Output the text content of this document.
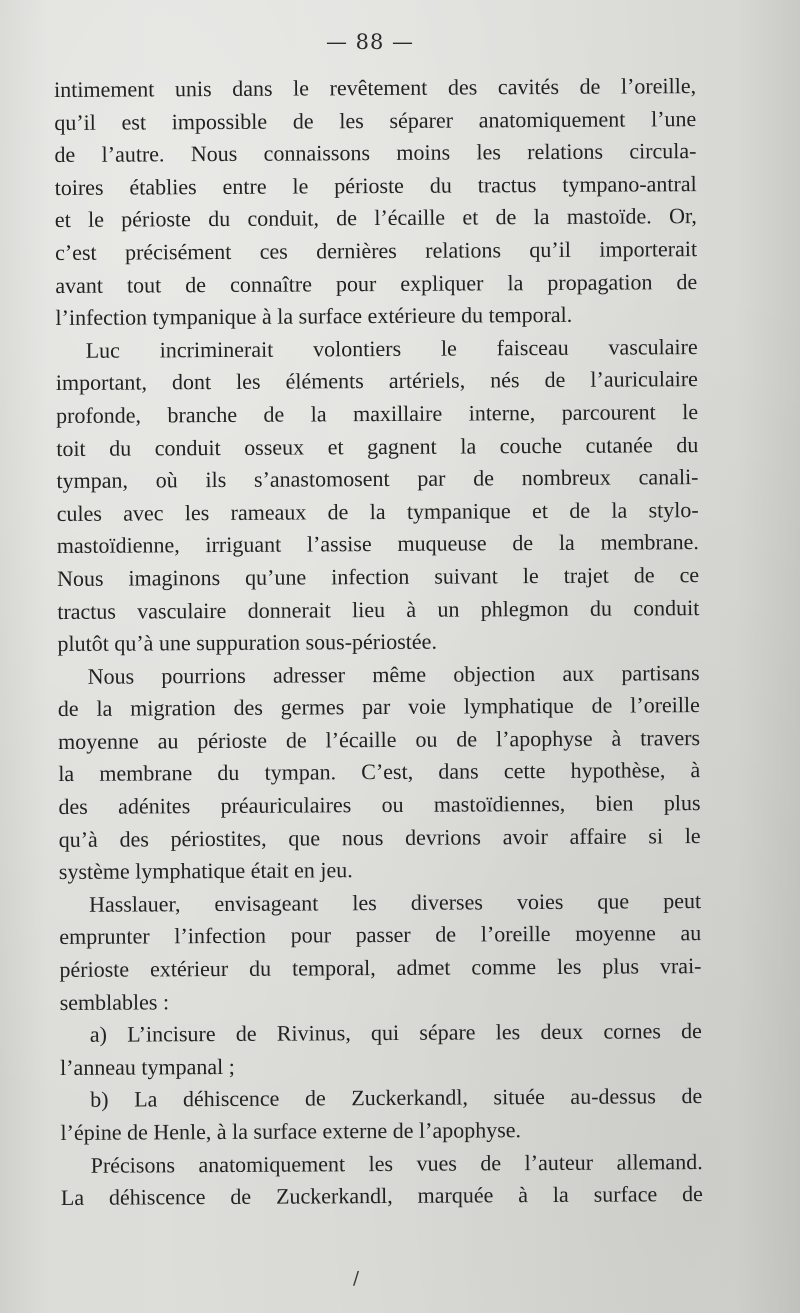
— 88 —
intimement unis dans le revêtement des cavités de l’oreille,
qu’il est impossible de les séparer anatomiquement l’une
de l’autre. Nous connaissons moins les relations circula-
toires établies entre le périoste du tractus tympano-antral
et le périoste du conduit, de l’écaille et de la mastoïde. Or,
c’est précisément ces dernières relations qu’il importerait
avant tout de connaître pour expliquer la propagation de
l’infection tympanique à la surface extérieure du temporal.
Luc incriminerait volontiers le faisceau vasculaire
important, dont les éléments artériels, nés de l’auriculaire
profonde, branche de la maxillaire interne, parcourent le
toit du conduit osseux et gagnent la couche cutanée du
tympan, où ils s’anastomosent par de nombreux canali-
cules avec les rameaux de la tympanique et de la stylo-
mastoïdienne, irriguant l’assise muqueuse de la membrane.
Nous imaginons qu’une infection suivant le trajet de ce
tractus vasculaire donnerait lieu à un phlegmon du conduit
plutôt qu’à une suppuration sous-périostée.
Nous pourrions adresser même objection aux partisans
de la migration des germes par voie lymphatique de l’oreille
moyenne au périoste de l’écaille ou de l’apophyse à travers
la membrane du tympan. C’est, dans cette hypothèse, à
des adénites préauriculaires ou mastoïdiennes, bien plus
qu’à des périostites, que nous devrions avoir affaire si le
système lymphatique était en jeu.
Hasslauer, envisageant les diverses voies que peut
emprunter l’infection pour passer de l’oreille moyenne au
périoste extérieur du temporal, admet comme les plus vrai-
semblables :
a) L’incisure de Rivinus, qui sépare les deux cornes de
l’anneau tympanal ;
b) La déhiscence de Zuckerkandl, située au-dessus de
l’épine de Henle, à la surface externe de l’apophyse.
Précisons anatomiquement les vues de l’auteur allemand.
La déhiscence de Zuckerkandl, marquée à la surface de
/
